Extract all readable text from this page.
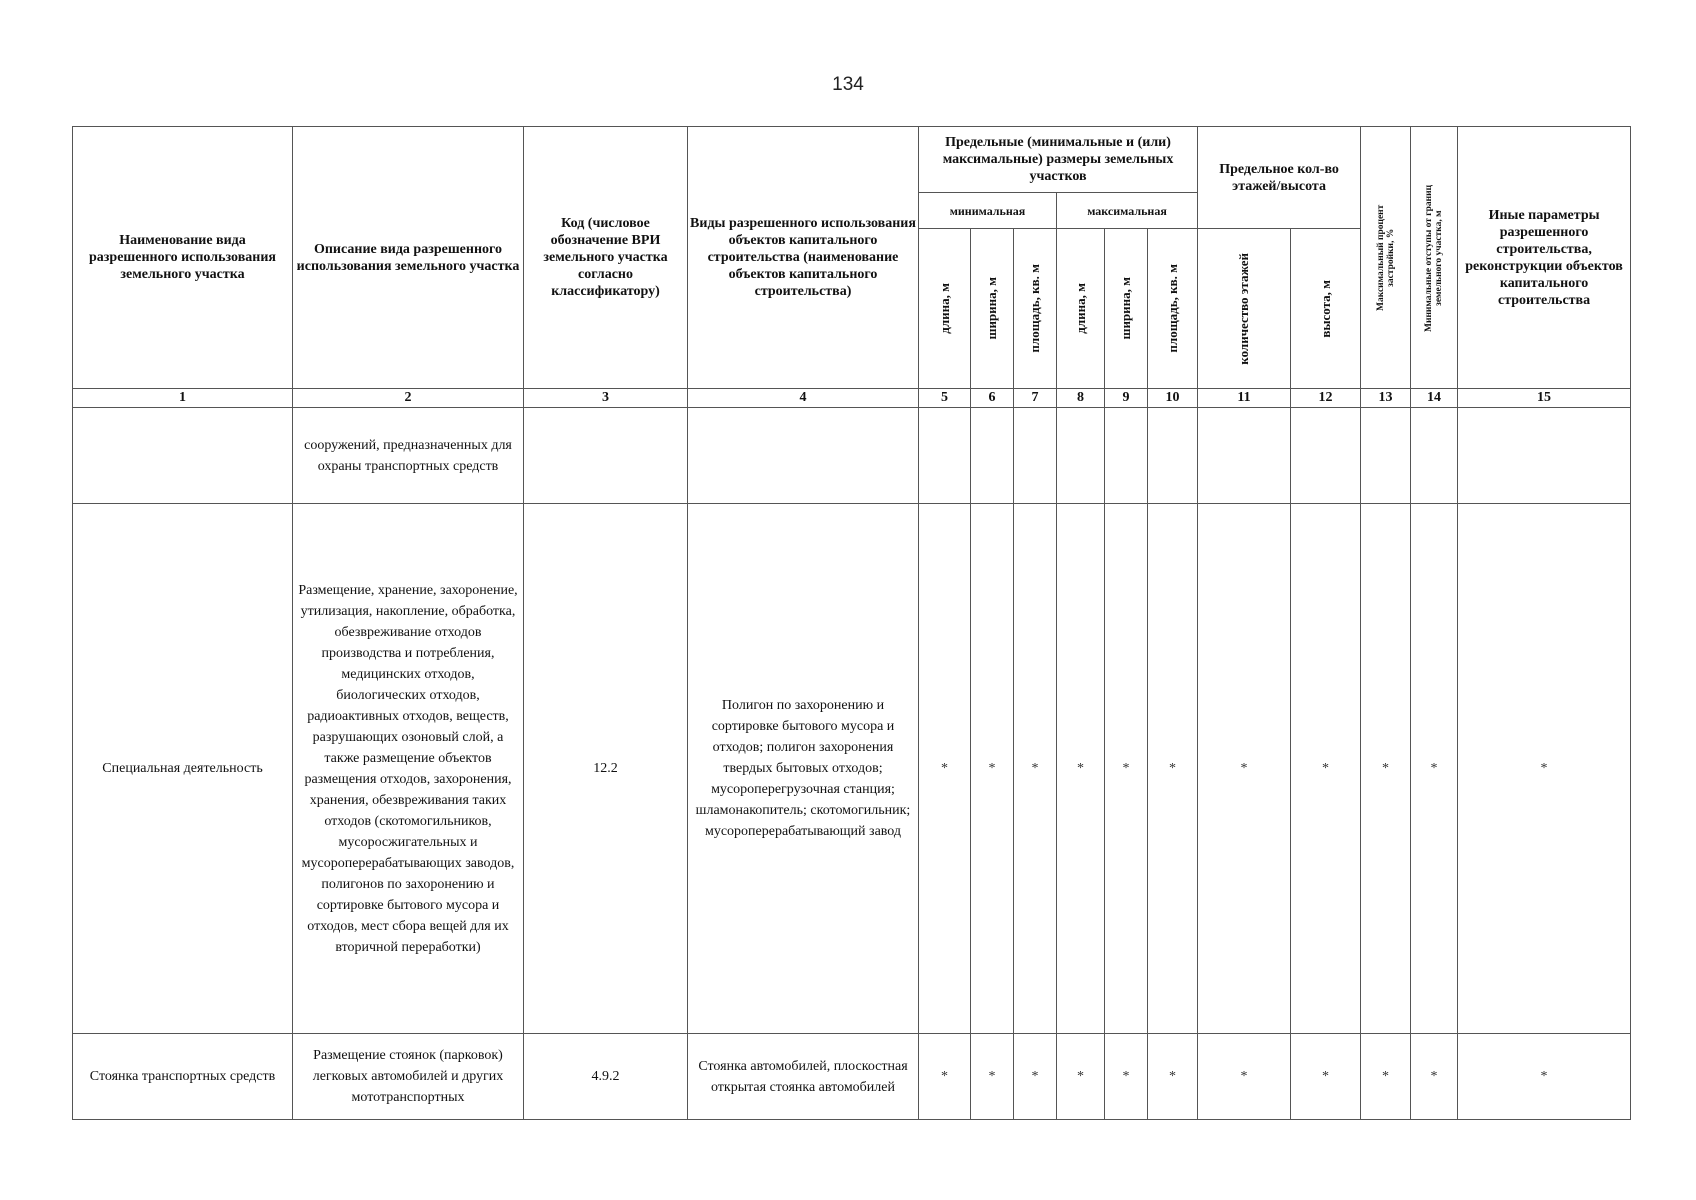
134
Наименование вида разрешенного использования земельного участка	Описание вида разрешенного использования земельного участка	Код (числовое обозначение ВРИ земельного участка согласно классификатору)	Виды разрешенного использования объектов капитального строительства (наименование объектов капитального строительства)	Предельные (минимальные и (или) максимальные) размеры земельных участков						Предельное кол-во этажей/высота		Максимальный процент застройки, %	Минимальные отступы от границ земельного участка, м	Иные параметры разрешенного строительства, реконструкции объектов капитального строительства
				минимальная			максимальная							

				длина, м	ширина, м	площадь, кв. м	длина, м	ширина, м	площадь, кв. м	количество этажей	высота, м			

1	2	3	4	5	6	7	8	9	10	11	12	13	14	15
	сооружений, предназначенных для охраны транспортных средств													
Специальная деятельность	Размещение, хранение, захоронение, утилизация, накопление, обработка, обезвреживание отходов производства и потребления, медицинских отходов, биологических отходов, радиоактивных отходов, веществ, разрушающих озоновый слой, а также размещение объектов размещения отходов, захоронения, хранения, обезвреживания таких отходов (скотомогильников, мусоросжигательных и мусороперерабатывающих заводов, полигонов по захоронению и сортировке бытового мусора и отходов, мест сбора вещей для их вторичной переработки)	12.2	Полигон по захоронению и сортировке бытового мусора и отходов; полигон захоронения твердых бытовых отходов; мусороперегрузочная станция; шламонакопитель; скотомогильник; мусороперерабатывающий завод	*	*	*	*	*	*	*	*	*	*	*
Стоянка транспортных средств	Размещение стоянок (парковок) легковых автомобилей и других мототранспортных	4.9.2	Стоянка автомобилей, плоскостная открытая стоянка автомобилей	*	*	*	*	*	*	*	*	*	*	*
